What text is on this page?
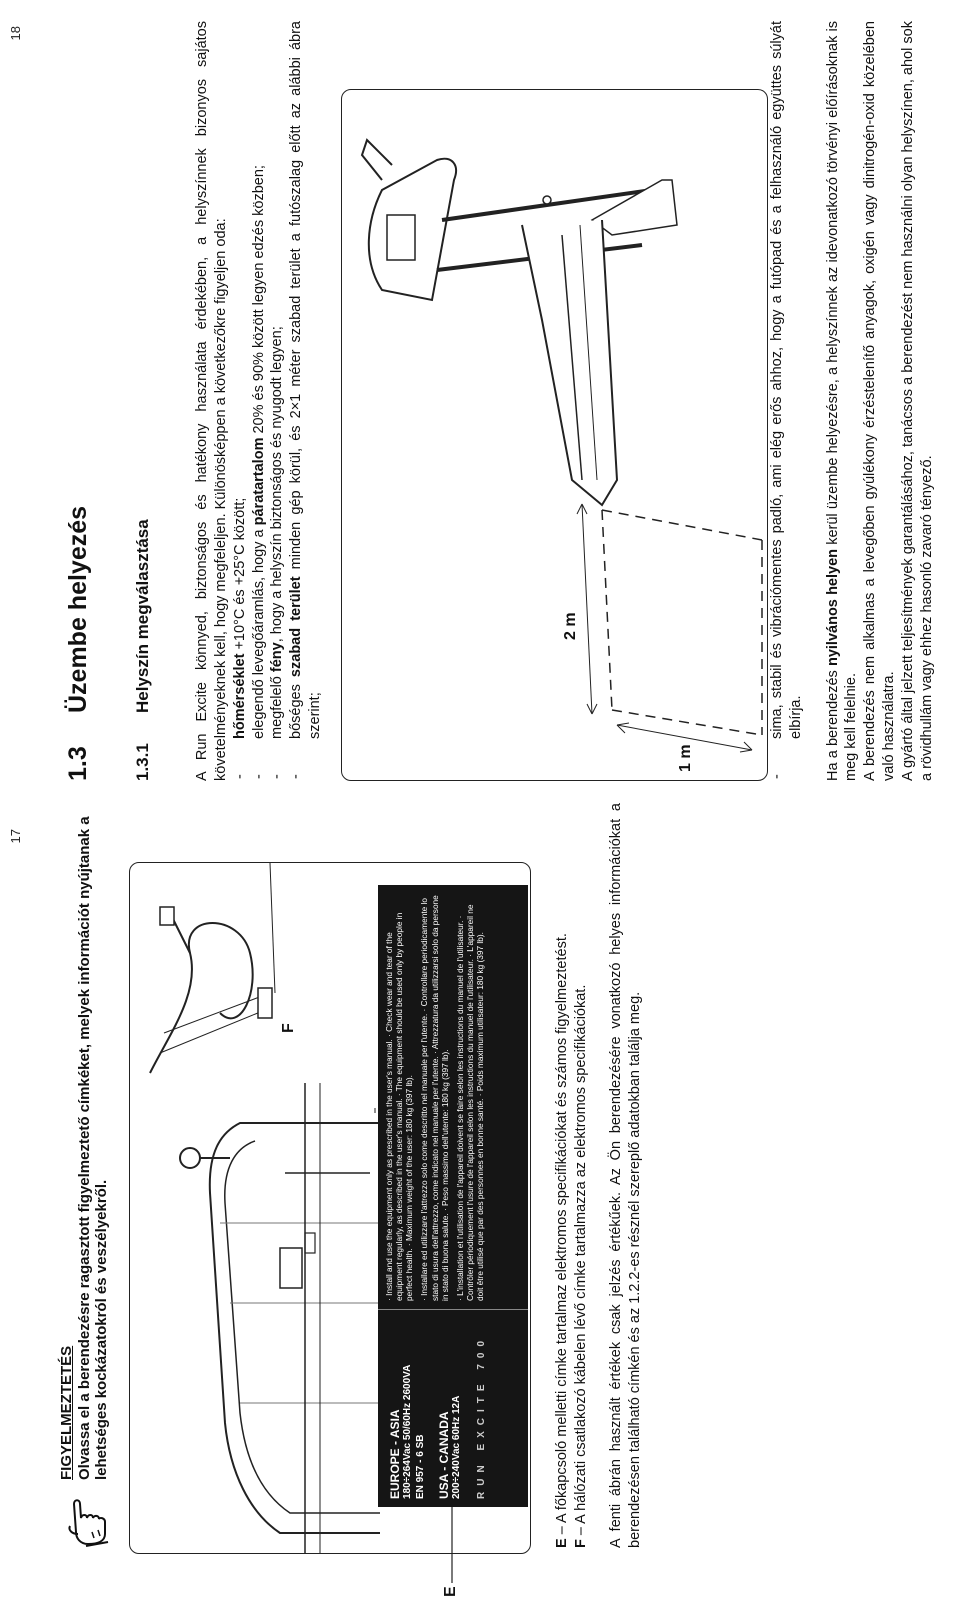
17
FIGYELMEZTETÉS Olvassa el a berendezésre ragasztott figyelmeztető címkéket, melyek információt nyújtanak a lehetséges kockázatokról és veszélyekről.
F
E
EUROPE - ASIA 180÷264Vac 50/60Hz 2600VA EN 957 - 6 SB USA - CANADA 200÷240Vac 60Hz 12A RUN EXCITE 700

· Install and use the equipment only as prescribed in the user's manual. · Check wear and tear of the equipment regularly, as described in the user's manual. · The equipment should be used only by people in perfect health. · Maximum weight of the user: 180 kg (397 lb). · Installare ed utilizzare l'attrezzo solo come descritto nel manuale per l'utente. · Controllare periodicamente lo stato di usura dell'attrezzo, come indicato nel manuale per l'utente. · Attrezzatura da utilizzarsi solo da persone in stato di buona salute. · Peso massimo dell'utente: 180 kg (397 lb). · L'installation et l'utilisation de l'appareil doivent se faire selon les instructions du manuel de l'utilisateur. · Contrôler périodiquement l'usure de l'appareil selon les instructions du manuel de l'utilisateur. · L'appareil ne doit être utilisé que par des personnes en bonne santé. · Poids maximum utilisateur: 180 kg (397 lb).

E – A főkapcsoló melletti címke tartalmaz elektromos specifikációkat és számos figyelmeztetést.

F – A hálózati csatlakozó kábelen lévő címke tartalmazza az elektromos specifikációkat. A fenti ábrán használt értékek csak jelzés értékűek. Az Ön berendezésére vonatkozó helyes információkat a berendezésen található címkén és az 1.2.2-es résznél szereplő adatokban találja meg.
18
1.3
Üzembe helyezés
1.3.1
Helyszín megválasztása	A Run Excite könnyed, biztonságos és hatékony használata érdekében, a helyszínnek bizonyos sajátos követelményeknek kell, hogy megfeleljen. Különösképpen a következőkre figyeljen oda: - hőmérséklet +10°C és +25°C között; - elegendő levegőáramlás, hogy a páratartalom 20% és 90% között legyen edzés közben;
- megfelelő fény, hogy a helyszín biztonságos és nyugodt legyen;
- bőséges szabad terület minden gép körül, és 2×1 méter szabad terület a futószalag előtt az alábbi ábra szerint;
2 m
1 m
- sima, stabil és vibrációmentes padló, ami elég erős ahhoz, hogy a futópad és a felhasználó együttes súlyát elbírja. Ha a berendezés nyilvános helyen kerül üzembe helyezésre, a helyszínnek az idevonatkozó törvényi előírásoknak is meg kell felelnie. A berendezés nem alkalmas a levegőben gyúlékony érzéstelenítő anyagok, oxigén vagy dinitrogén-oxid közelében való használatra. A gyártó által jelzett teljesítmények garantálásához, tanácsos a berendezést nem használni olyan helyszínen, ahol sok a rövidhullám vagy ehhez hasonló zavaró tényező.
